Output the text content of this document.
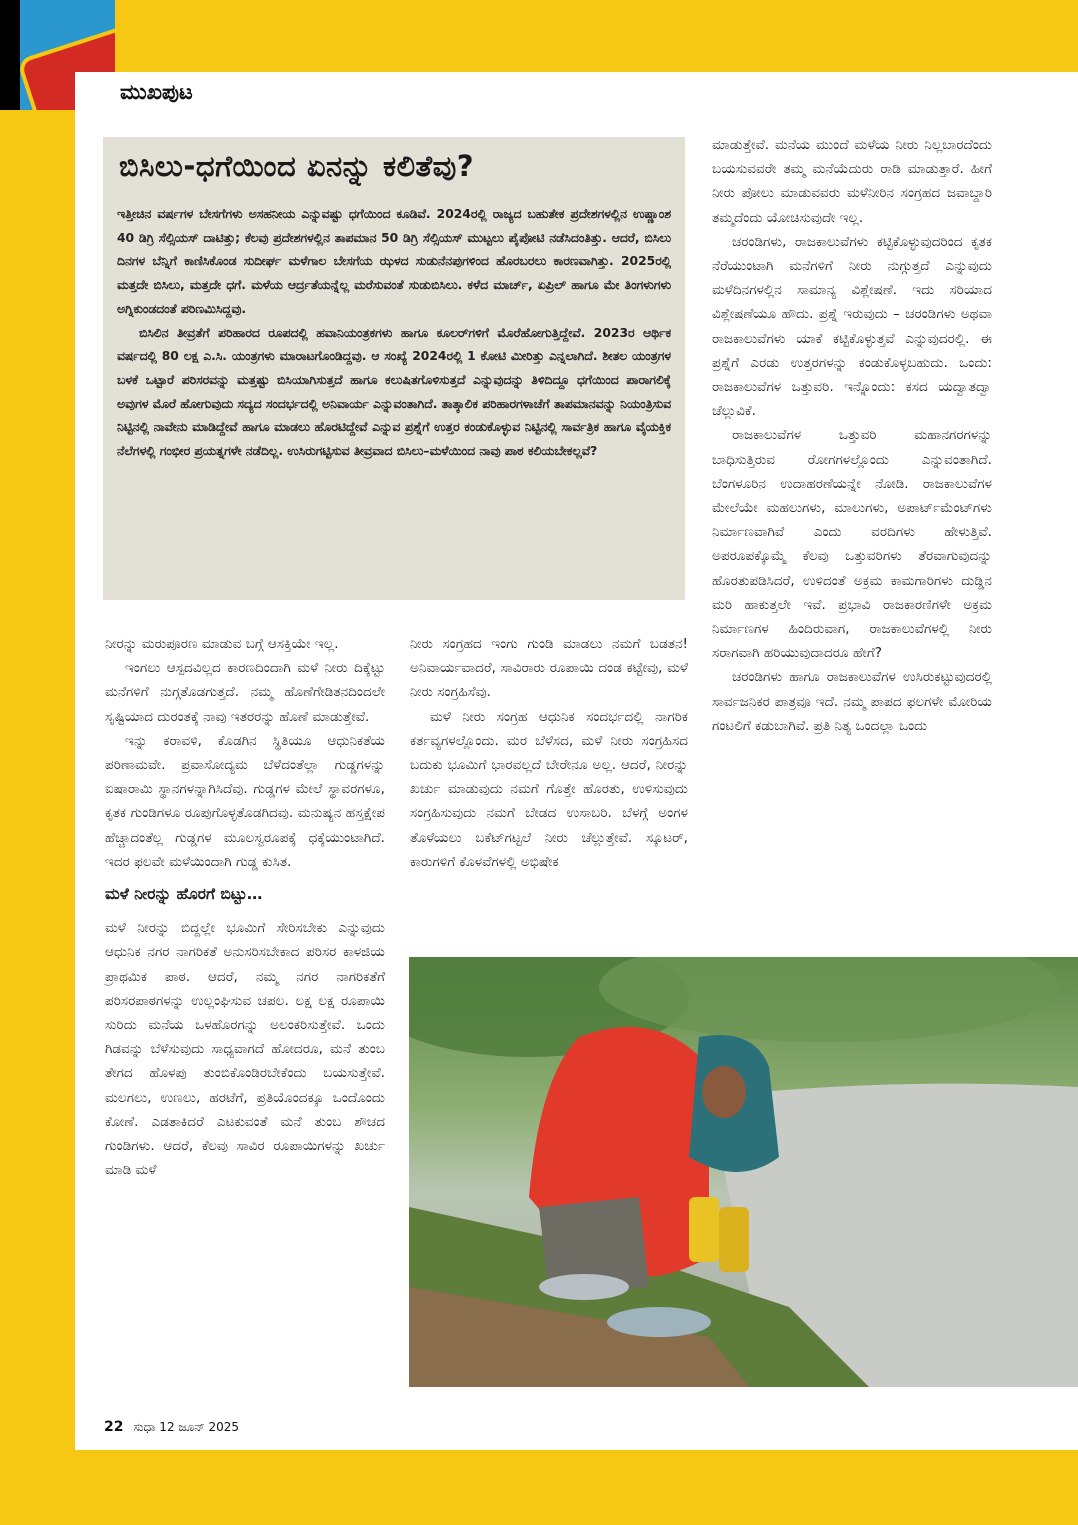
ಮುಖಪುಟ
ಬಿಸಿಲು-ಧಗೆಯಿಂದ ಏನನ್ನು ಕಲಿತೆವು?

ಇತ್ತೀಚಿನ ವರ್ಷಗಳ ಬೇಸಗೆಗಳು ಅಸಹನೀಯ ಎನ್ನುವಷ್ಟು ಧಗೆಯಿಂದ ಕೂಡಿವೆ. 2024ರಲ್ಲಿ ರಾಜ್ಯದ ಬಹುತೇಕ ಪ್ರದೇಶಗಳಲ್ಲಿನ ಉಷ್ಣಾಂಶ 40 ಡಿಗ್ರಿ ಸೆಲ್ಸಿಯಸ್ ದಾಟಿತ್ತು; ಕೆಲವು ಪ್ರದೇಶಗಳಲ್ಲಿನ ತಾಪಮಾನ 50 ಡಿಗ್ರಿ ಸೆಲ್ಸಿಯಸ್ ಮುಟ್ಟಲು ಪೈಪೋಟಿ ನಡೆಸಿದಂತಿತ್ತು. ಆದರೆ, ಬಿಸಿಲು ದಿನಗಳ ಬೆನ್ನಿಗೆ ಕಾಣಿಸಿಕೊಂಡ ಸುದೀರ್ಘ ಮಳೆಗಾಲ ಬೇಸಗೆಯ ಝಳದ ಸುಡುನೆನಪುಗಳಿಂದ ಹೊರಬರಲು ಕಾರಣವಾಗಿತ್ತು. 2025ರಲ್ಲಿ ಮತ್ತದೇ ಬಿಸಿಲು, ಮತ್ತದೇ ಧಗೆ. ಮಳೆಯ ಆರ್ದ್ರತೆಯನ್ನೆಲ್ಲ ಮರೆಸುವಂತೆ ಸುಡುಬಿಸಿಲು. ಕಳೆದ ಮಾರ್ಚ್, ಏಪ್ರಿಲ್ ಹಾಗೂ ಮೇ ತಿಂಗಳುಗಳು ಅಗ್ನಿಕುಂಡದಂತೆ ಪರಿಣಮಿಸಿದ್ದವು.

ಬಿಸಿಲಿನ ತೀವ್ರತೆಗೆ ಪರಿಹಾರದ ರೂಪದಲ್ಲಿ ಹವಾನಿಯಂತ್ರಕಗಳು ಹಾಗೂ ಕೂಲರ್‌ಗಳಿಗೆ ಮೊರೆಹೋಗುತ್ತಿದ್ದೇವೆ. 2023ರ ಆರ್ಥಿಕ ವರ್ಷದಲ್ಲಿ 80 ಲಕ್ಷ ಎ.ಸಿ. ಯಂತ್ರಗಳು ಮಾರಾಟಗೊಂಡಿದ್ದವು. ಆ ಸಂಖ್ಯೆ 2024ರಲ್ಲಿ 1 ಕೋಟಿ ಮೀರಿತ್ತು ಎನ್ನಲಾಗಿದೆ. ಶೀತಲ ಯಂತ್ರಗಳ ಬಳಕೆ ಒಟ್ಟಾರೆ ಪರಿಸರವನ್ನು ಮತ್ತಷ್ಟು ಬಿಸಿಯಾಗಿಸುತ್ತದೆ ಹಾಗೂ ಕಲುಷಿತಗೊಳಿಸುತ್ತದೆ ಎನ್ನುವುದನ್ನು ತಿಳಿದಿದ್ದೂ ಧಗೆಯಿಂದ ಪಾರಾಗಲಿಕ್ಕೆ ಅವುಗಳ ಮೊರೆ ಹೋಗುವುದು ಸದ್ಯದ ಸಂದರ್ಭದಲ್ಲಿ ಅನಿವಾರ್ಯ ಎನ್ನುವಂತಾಗಿದೆ. ತಾತ್ಕಾಲಿಕ ಪರಿಹಾರಗಳಾಚೆಗೆ ತಾಪಮಾನವನ್ನು ನಿಯಂತ್ರಿಸುವ ನಿಟ್ಟಿನಲ್ಲಿ ನಾವೇನು ಮಾಡಿದ್ದೇವೆ ಹಾಗೂ ಮಾಡಲು ಹೊರಟಿದ್ದೇವೆ ಎನ್ನುವ ಪ್ರಶ್ನೆಗೆ ಉತ್ತರ ಕಂಡುಕೊಳ್ಳುವ ನಿಟ್ಟಿನಲ್ಲಿ ಸಾರ್ವತ್ರಿಕ ಹಾಗೂ ವೈಯಕ್ತಿಕ ನೆಲೆಗಳಲ್ಲಿ ಗಂಭೀರ ಪ್ರಯತ್ನಗಳೇ ನಡೆದಿಲ್ಲ. ಉಸಿರುಗಟ್ಟಿಸುವ ತೀವ್ರವಾದ ಬಿಸಿಲು–ಮಳೆಯಿಂದ ನಾವು ಪಾಠ ಕಲಿಯಬೇಕಲ್ಲವೆ?

ನೀರನ್ನು ಮರುಪೂರಣ ಮಾಡುವ ಬಗ್ಗೆ ಆಸಕ್ತಿಯೇ ಇಲ್ಲ.

ಇಂಗಲು ಆಸ್ಪದವಿಲ್ಲದ ಕಾರಣದಿಂದಾಗಿ ಮಳೆ ನೀರು ದಿಕ್ಕೆಟ್ಟು ಮನೆಗಳಿಗೆ ನುಗ್ಗತೊಡಗುತ್ತದೆ. ನಮ್ಮ ಹೊಣೆಗೇಡಿತನದಿಂದಲೇ ಸೃಷ್ಟಿಯಾದ ದುರಂತಕ್ಕೆ ನಾವು ಇತರರನ್ನು ಹೊಣೆ ಮಾಡುತ್ತೇವೆ.

ಇನ್ನು ಕರಾವಳಿ, ಕೊಡಗಿನ ಸ್ಥಿತಿಯೂ ಆಧುನಿಕತೆಯ ಪರಿಣಾಮವೇ. ಪ್ರವಾಸೋದ್ಯಮ ಬೆಳೆದಂತೆಲ್ಲಾ ಗುಡ್ಡಗಳನ್ನು ಐಷಾರಾಮಿ ಸ್ಥಾನಗಳನ್ನಾಗಿಸಿದೆವು. ಗುಡ್ಡಗಳ ಮೇಲೆ ಸ್ಥಾವರಗಳೂ, ಕೃತಕ ಗುಂಡಿಗಳೂ ರೂಪುಗೊಳ್ಳತೊಡಗಿದವು. ಮನುಷ್ಯನ ಹಸ್ತಕ್ಷೇಪ ಹೆಚ್ಚಾದಂತೆಲ್ಲ ಗುಡ್ಡಗಳ ಮೂಲಸ್ವರೂಪಕ್ಕೆ ಧಕ್ಕೆಯುಂಟಾಗಿದೆ. ಇದರ ಫಲವೇ ಮಳೆಯಿಂದಾಗಿ ಗುಡ್ಡ ಕುಸಿತ.

ಮಳೆ ನೀರನ್ನು ಹೊರಗೆ ಬಿಟ್ಟು…

ಮಳೆ ನೀರನ್ನು ಬಿದ್ದಲ್ಲೇ ಭೂಮಿಗೆ ಸೇರಿಸಬೇಕು ಎನ್ನುವುದು ಆಧುನಿಕ ನಗರ ನಾಗರಿಕತೆ ಅನುಸರಿಸಬೇಕಾದ ಪರಿಸರ ಕಾಳಜಿಯ ಪ್ರಾಥಮಿಕ ಪಾಠ. ಆದರೆ, ನಮ್ಮ ನಗರ ನಾಗರಿಕತೆಗೆ ಪರಿಸರಪಾಠಗಳನ್ನು ಉಲ್ಲಂಘಿಸುವ ಚಪಲ. ಲಕ್ಷ ಲಕ್ಷ ರೂಪಾಯಿ ಸುರಿದು ಮನೆಯ ಒಳಹೊರಗನ್ನು ಅಲಂಕರಿಸುತ್ತೇವೆ. ಒಂದು ಗಿಡವನ್ನು ಬೆಳೆಸುವುದು ಸಾಧ್ಯವಾಗದೆ ಹೋದರೂ, ಮನೆ ತುಂಬ ತೇಗದ ಹೊಳಪು ತುಂಬಿಕೊಂಡಿರಬೇಕೆಂದು ಬಯಸುತ್ತೇವೆ. ಮಲಗಲು, ಉಣಲು, ಹರಟೆಗೆ, ಪ್ರತಿಯೊಂದಕ್ಕೂ ಒಂದೊಂದು ಕೋಣೆ. ಎಡತಾಕಿದರೆ ಎಟಕುವಂತೆ ಮನೆ ತುಂಬ ಶೌಚದ ಗುಂಡಿಗಳು. ಆದರೆ, ಕೆಲವು ಸಾವಿರ ರೂಪಾಯಿಗಳನ್ನು ಖರ್ಚು ಮಾಡಿ ಮಳೆ

ನೀರು ಸಂಗ್ರಹದ ಇಂಗು ಗುಂಡಿ ಮಾಡಲು ನಮಗೆ ಬಡತನ! ಅನಿವಾರ್ಯವಾದರೆ, ಸಾವಿರಾರು ರೂಪಾಯಿ ದಂಡ ಕಟ್ಟೇವು, ಮಳೆ ನೀರು ಸಂಗ್ರಹಿಸೆವು.

ಮಳೆ ನೀರು ಸಂಗ್ರಹ ಆಧುನಿಕ ಸಂದರ್ಭದಲ್ಲಿ ನಾಗರಿಕ ಕರ್ತವ್ಯಗಳಲ್ಲೊಂದು. ಮರ ಬೆಳೆಸದ, ಮಳೆ ನೀರು ಸಂಗ್ರಹಿಸದ ಬದುಕು ಭೂಮಿಗೆ ಭಾರವಲ್ಲದೆ ಬೇರೇನೂ ಅಲ್ಲ. ಆದರೆ, ನೀರನ್ನು ಖರ್ಚು ಮಾಡುವುದು ನಮಗೆ ಗೊತ್ತೇ ಹೊರತು, ಉಳಿಸುವುದು ಸಂಗ್ರಹಿಸುವುದು ನಮಗೆ ಬೇಡದ ಉಸಾಬರಿ. ಬೆಳಗ್ಗೆ ಅಂಗಳ ತೊಳೆಯಲು ಬಕೆಟ್‌ಗಟ್ಟಲೆ ನೀರು ಚೆಲ್ಲುತ್ತೇವೆ. ಸ್ಕೂಟರ್, ಕಾರುಗಳಿಗೆ ಕೊಳವೆಗಳಲ್ಲಿ ಅಭಿಷೇಕ

ಮಾಡುತ್ತೇವೆ. ಮನೆಯ ಮುಂದೆ ಮಳೆಯ ನೀರು ನಿಲ್ಲಬಾರದೆಂದು ಬಯಸುವವರೇ ತಮ್ಮ ಮನೆಯೆದುರು ರಾಡಿ ಮಾಡುತ್ತಾರೆ. ಹೀಗೆ ನೀರು ಪೋಲು ಮಾಡುವವರು ಮಳೆನೀರಿನ ಸಂಗ್ರಹದ ಜವಾಬ್ದಾರಿ ತಮ್ಮದೆಂದು ಯೋಚಿಸುವುದೇ ಇಲ್ಲ.

ಚರಂಡಿಗಳು, ರಾಜಕಾಲುವೆಗಳು ಕಟ್ಟಿಕೊಳ್ಳುವುದರಿಂದ ಕೃತಕ ನೆರೆಯುಂಟಾಗಿ ಮನೆಗಳಿಗೆ ನೀರು ನುಗ್ಗುತ್ತದೆ ಎನ್ನುವುದು ಮಳೆದಿನಗಳಲ್ಲಿನ ಸಾಮಾನ್ಯ ವಿಶ್ಲೇಷಣೆ. ಇದು ಸರಿಯಾದ ವಿಶ್ಲೇಷಣೆಯೂ ಹೌದು. ಪ್ರಶ್ನೆ ಇರುವುದು – ಚರಂಡಿಗಳು ಅಥವಾ ರಾಜಕಾಲುವೆಗಳು ಯಾಕೆ ಕಟ್ಟಿಕೊಳ್ಳುತ್ತವೆ ಎನ್ನುವುದರಲ್ಲಿ. ಈ ಪ್ರಶ್ನೆಗೆ ಎರಡು ಉತ್ತರಗಳನ್ನು ಕಂಡುಕೊಳ್ಳಬಹುದು. ಒಂದು: ರಾಜಕಾಲುವೆಗಳ ಒತ್ತುವರಿ. ಇನ್ನೊಂದು: ಕಸದ ಯದ್ವಾತದ್ವಾ ಚೆಲ್ಲುವಿಕೆ.

ರಾಜಕಾಲುವೆಗಳ ಒತ್ತುವರಿ ಮಹಾನಗರಗಳನ್ನು ಬಾಧಿಸುತ್ತಿರುವ ರೋಗಗಳಲ್ಲೊಂದು ಎನ್ನುವಂತಾಗಿದೆ. ಬೆಂಗಳೂರಿನ ಉದಾಹರಣೆಯನ್ನೇ ನೋಡಿ. ರಾಜಕಾಲುವೆಗಳ ಮೇಲೆಯೇ ಮಹಲುಗಳು, ಮಾಲುಗಳು, ಅಪಾರ್ಟ್‌ಮೆಂಟ್‌ಗಳು ನಿರ್ಮಾಣವಾಗಿವೆ ಎಂದು ವರದಿಗಳು ಹೇಳುತ್ತಿವೆ. ಅಪರೂಪಕ್ಕೊಮ್ಮೆ ಕೆಲವು ಒತ್ತುವರಿಗಳು ತೆರವಾಗುವುದನ್ನು ಹೊರತುಪಡಿಸಿದರೆ, ಉಳಿದಂತೆ ಅಕ್ರಮ ಕಾಮಗಾರಿಗಳು ದುಡ್ಡಿನ ಮರಿ ಹಾಕುತ್ತಲೇ ಇವೆ. ಪ್ರಭಾವಿ ರಾಜಕಾರಣಿಗಳೇ ಅಕ್ರಮ ನಿರ್ಮಾಣಗಳ ಹಿಂದಿರುವಾಗ, ರಾಜಕಾಲುವೆಗಳಲ್ಲಿ ನೀರು ಸರಾಗವಾಗಿ ಹರಿಯುವುದಾದರೂ ಹೇಗೆ?

ಚರಂಡಿಗಳು ಹಾಗೂ ರಾಜಕಾಲುವೆಗಳ ಉಸಿರುಕಟ್ಟುವುದರಲ್ಲಿ ಸಾರ್ವಜನಿಕರ ಪಾತ್ರವೂ ಇದೆ. ನಮ್ಮ ಪಾಪದ ಫಲಗಳೇ ಮೋರಿಯ ಗಂಟಲಿಗೆ ಕಡುಬಾಗಿವೆ. ಪ್ರತಿ ನಿತ್ಯ ಒಂದಲ್ಲಾ ಒಂದು

22 ಸುಧಾ 12 ಜೂನ್ 2025
